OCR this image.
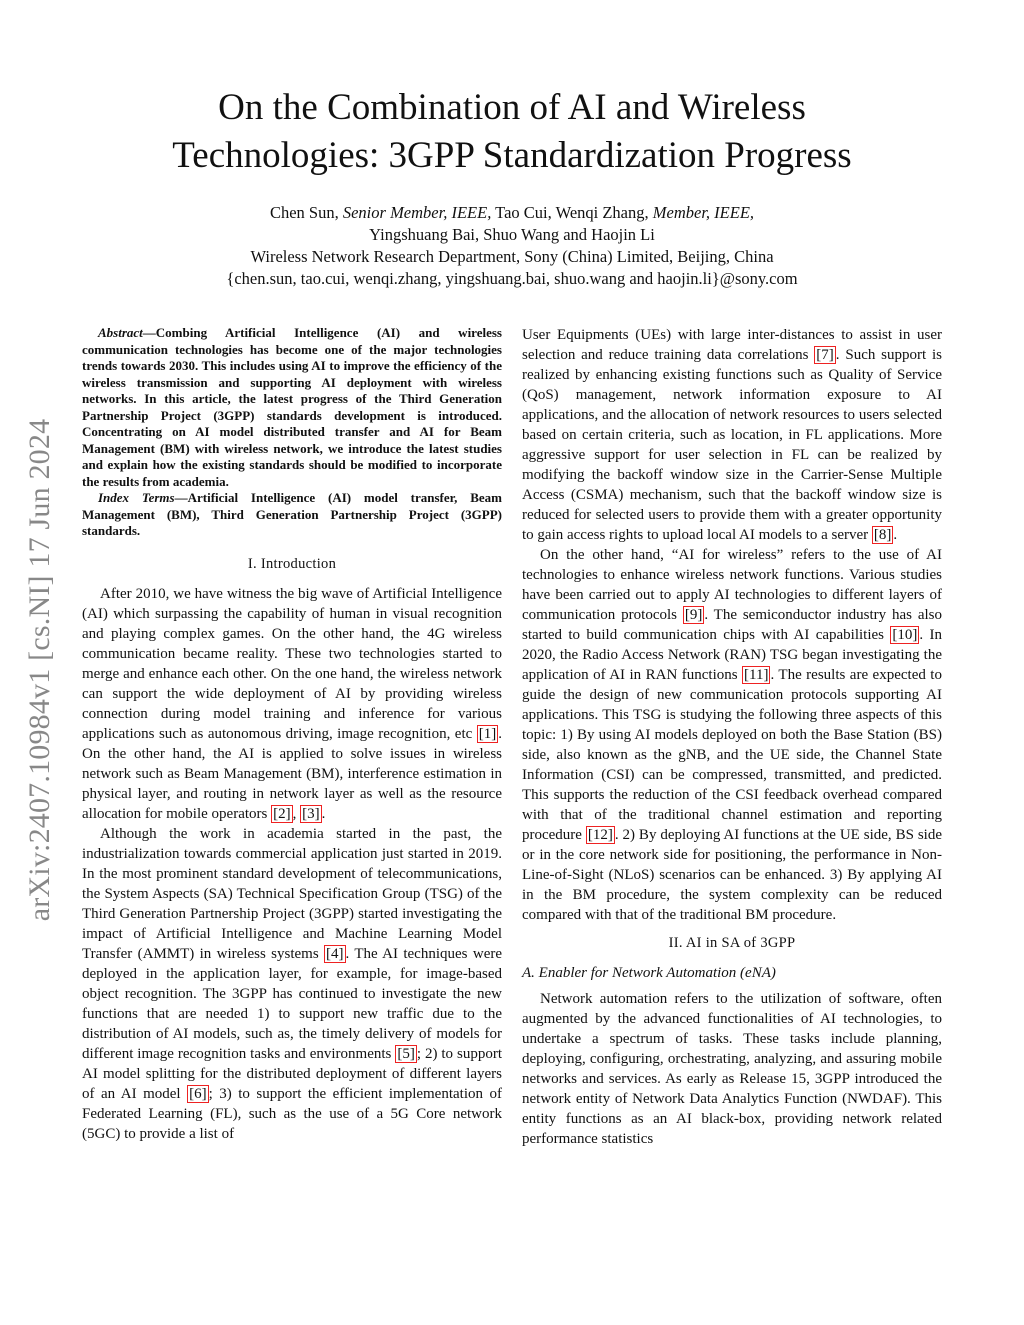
arXiv:2407.10984v1 [cs.NI] 17 Jun 2024
On the Combination of AI and Wireless
Technologies: 3GPP Standardization Progress
Chen Sun, Senior Member, IEEE, Tao Cui, Wenqi Zhang, Member, IEEE,
Yingshuang Bai, Shuo Wang and Haojin Li
Wireless Network Research Department, Sony (China) Limited, Beijing, China
{chen.sun, tao.cui, wenqi.zhang, yingshuang.bai, shuo.wang and haojin.li}@sony.com

Abstract—Combing Artificial Intelligence (AI) and wireless communication technologies has become one of the major technologies trends towards 2030. This includes using AI to improve the efficiency of the wireless transmission and supporting AI deployment with wireless networks. In this article, the latest progress of the Third Generation Partnership Project (3GPP) standards development is introduced. Concentrating on AI model distributed transfer and AI for Beam Management (BM) with wireless network, we introduce the latest studies and explain how the existing standards should be modified to incorporate the results from academia.

Index Terms—Artificial Intelligence (AI) model transfer, Beam Management (BM), Third Generation Partnership Project (3GPP) standards.

I. Introduction

After 2010, we have witness the big wave of Artificial Intelligence (AI) which surpassing the capability of human in visual recognition and playing complex games. On the other hand, the 4G wireless communication became reality. These two technologies started to merge and enhance each other. On the one hand, the wireless network can support the wide deployment of AI by providing wireless connection during model training and inference for various applications such as autonomous driving, image recognition, etc [1] . On the other hand, the AI is applied to solve issues in wireless network such as Beam Management (BM), interference estimation in physical layer, and routing in network layer as well as the resource allocation for mobile operators [2] , [3] .

Although the work in academia started in the past, the industrialization towards commercial application just started in 2019. In the most prominent standard development of telecommunications, the System Aspects (SA) Technical Specification Group (TSG) of the Third Generation Partnership Project (3GPP) started investigating the impact of Artificial Intelligence and Machine Learning Model Transfer (AMMT) in wireless systems [4] . The AI techniques were deployed in the application layer, for example, for image-based object recognition. The 3GPP has continued to investigate the new functions that are needed 1) to support new traffic due to the distribution of AI models, such as, the timely delivery of models for different image recognition tasks and environments [5] ; 2) to support AI model splitting for the distributed deployment of different layers of an AI model [6] ; 3) to support the efficient implementation of Federated Learning (FL), such as the use of a 5G Core network (5GC) to provide a list of

User Equipments (UEs) with large inter-distances to assist in user selection and reduce training data correlations [7] . Such support is realized by enhancing existing functions such as Quality of Service (QoS) management, network information exposure to AI applications, and the allocation of network resources to users selected based on certain criteria, such as location, in FL applications. More aggressive support for user selection in FL can be realized by modifying the backoff window size in the Carrier-Sense Multiple Access (CSMA) mechanism, such that the backoff window size is reduced for selected users to provide them with a greater opportunity to gain access rights to upload local AI models to a server [8] .

On the other hand, “AI for wireless” refers to the use of AI technologies to enhance wireless network functions. Various studies have been carried out to apply AI technologies to different layers of communication protocols [9] . The semiconductor industry has also started to build communication chips with AI capabilities [10] . In 2020, the Radio Access Network (RAN) TSG began investigating the application of AI in RAN functions [11] . The results are expected to guide the design of new communication protocols supporting AI applications. This TSG is studying the following three aspects of this topic: 1) By using AI models deployed on both the Base Station (BS) side, also known as the gNB, and the UE side, the Channel State Information (CSI) can be compressed, transmitted, and predicted. This supports the reduction of the CSI feedback overhead compared with that of the traditional channel estimation and reporting procedure [12] . 2) By deploying AI functions at the UE side, BS side or in the core network side for positioning, the performance in Non-Line-of-Sight (NLoS) scenarios can be enhanced. 3) By applying AI in the BM procedure, the system complexity can be reduced compared with that of the traditional BM procedure.

II. AI in SA of 3GPP
A. Enabler for Network Automation (eNA)

Network automation refers to the utilization of software, often augmented by the advanced functionalities of AI technologies, to undertake a spectrum of tasks. These tasks include planning, deploying, configuring, orchestrating, analyzing, and assuring mobile networks and services. As early as Release 15, 3GPP introduced the network entity of Network Data Analytics Function (NWDAF). This entity functions as an AI black-box, providing network related performance statistics
